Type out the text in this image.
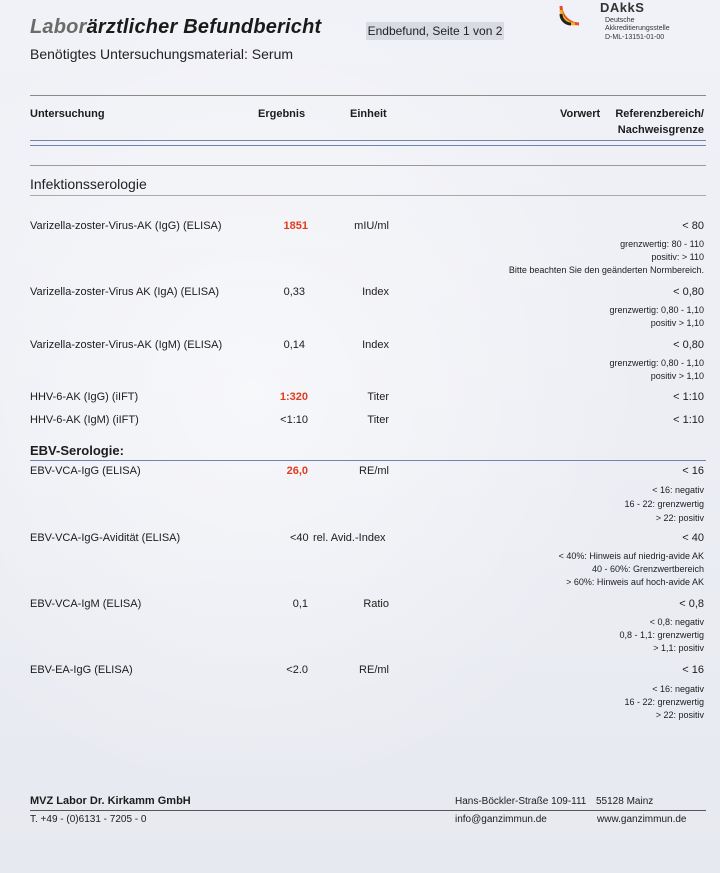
Laborärztlicher Befundbericht	Endbefund, Seite 1 von 2
Benötigtes Untersuchungsmaterial: Serum
DAkkS
Deutsche
Akkreditierungsstelle
D-ML-13151-01-00
Untersuchung	Ergebnis	Einheit	Vorwert	Referenzbereich/
Nachweisgrenze
Infektionsserologie
Varizella-zoster-Virus-AK (IgG) (ELISA)	1851	mIU/ml	< 80
grenzwertig: 80 - 110
positiv: > 110
Bitte beachten Sie den geänderten Normbereich.
Varizella-zoster-Virus AK (IgA) (ELISA)	0,33	Index	< 0,80
grenzwertig: 0,80 - 1,10
positiv > 1,10
Varizella-zoster-Virus-AK (IgM) (ELISA)	0,14	Index	< 0,80
grenzwertig: 0,80 - 1,10
positiv > 1,10
HHV-6-AK (IgG) (iIFT)	1:320	Titer	< 1:10
HHV-6-AK (IgM) (iIFT)	<1:10	Titer	< 1:10
EBV-Serologie:
EBV-VCA-IgG (ELISA)	26,0	RE/ml	< 16
< 16: negativ
16 - 22: grenzwertig
> 22: positiv
EBV-VCA-IgG-Avidität (ELISA)	<40 rel. Avid.-Index	< 40
< 40%: Hinweis auf niedrig-avide AK
40 - 60%: Grenzwertbereich
> 60%: Hinweis auf hoch-avide AK
EBV-VCA-IgM (ELISA)	0,1	Ratio	< 0,8
< 0,8: negativ
0,8 - 1,1: grenzwertig
> 1,1: positiv
EBV-EA-IgG (ELISA)	<2.0	RE/ml	< 16
< 16: negativ
16 - 22: grenzwertig
> 22: positiv
MVZ Labor Dr. Kirkamm GmbH
T. +49 - (0)6131 - 7205 - 0
Hans-Böckler-Straße 109-111 55128 Mainz
info@ganzimmun.de	www.ganzimmun.de
